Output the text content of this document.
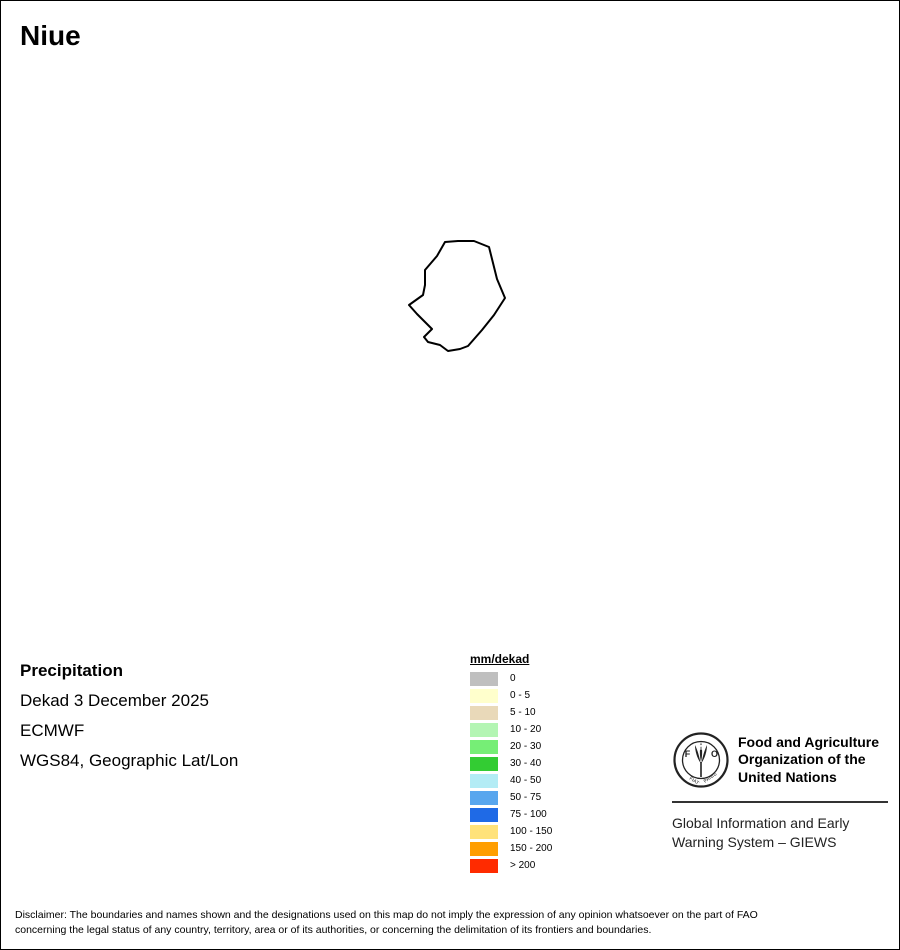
Niue
Precipitation
Dekad 3 December 2025
ECMWF
WGS84, Geographic Lat/Lon
mm/dekad
0
0 - 5
5 - 10
10 - 20
20 - 30
30 - 40
40 - 50
50 - 75
75 - 100
100 - 150
150 - 200
> 200
F
A
O
FIAT PANIS
Food and Agriculture
Organization of the
United Nations
Global Information and Early
Warning System – GIEWS
Disclaimer: The boundaries and names shown and the designations used on this map do not imply the expression of any opinion whatsoever on the part of FAO
concerning the legal status of any country, territory, area or of its authorities, or concerning the delimitation of its frontiers and boundaries.
